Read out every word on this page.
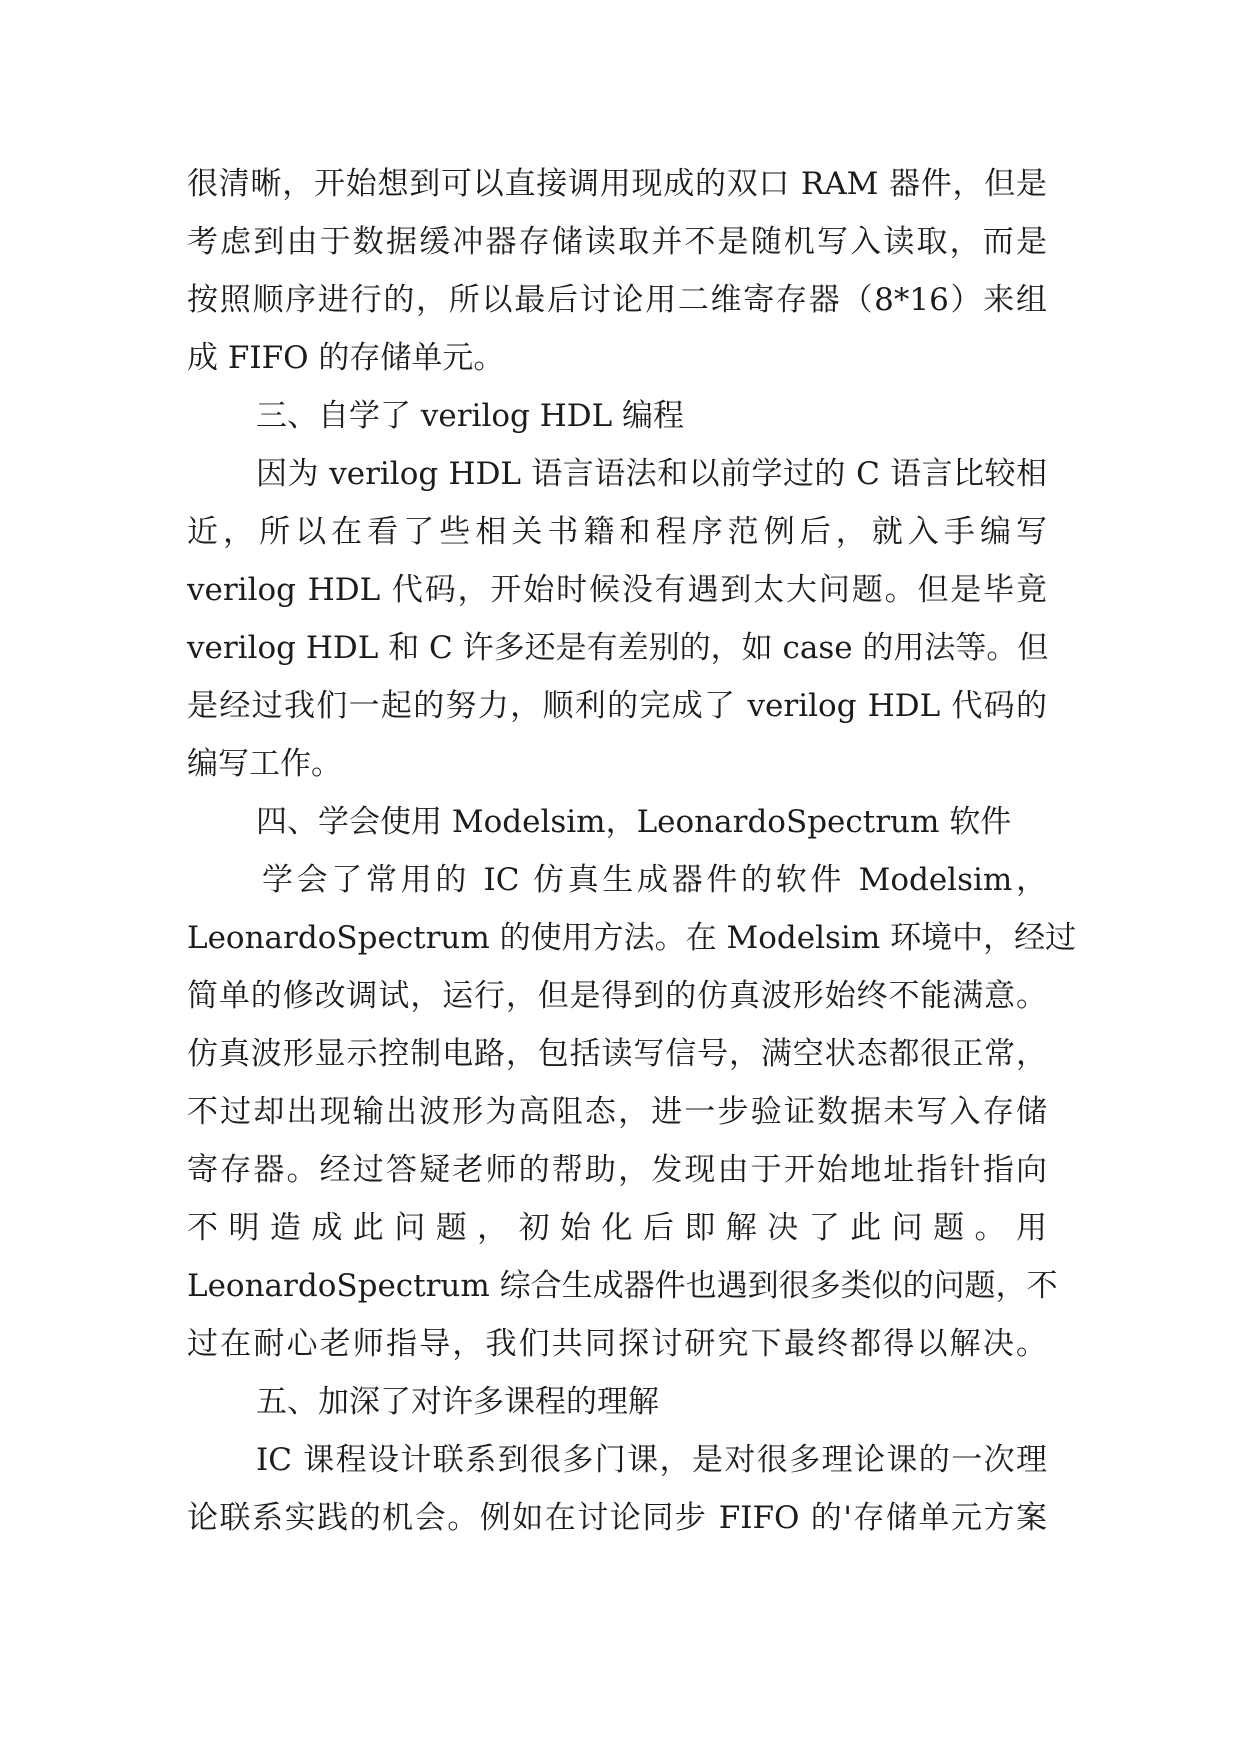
很清晰，开始想到可以直接调用现成的双口 RAM 器件，但是
考虑到由于数据缓冲器存储读取并不是随机写入读取，而是
按照顺序进行的，所以最后讨论用二维寄存器（8*16）来组
成 FIFO 的存储单元。
三、自学了 verilog HDL 编程
因为 verilog HDL 语言语法和以前学过的 C 语言比较相
近，所以在看了些相关书籍和程序范例后，就入手编写
verilog HDL 代码，开始时候没有遇到太大问题。但是毕竟
verilog HDL 和 C 许多还是有差别的，如 case 的用法等。但
是经过我们一起的努力，顺利的完成了 verilog HDL 代码的
编写工作。
四、学会使用 Modelsim，LeonardoSpectrum 软件
学会了常用的 IC 仿真生成器件的软件 Modelsim，
LeonardoSpectrum 的使用方法。在 Modelsim 环境中，经过
简单的修改调试，运行，但是得到的仿真波形始终不能满意。
仿真波形显示控制电路，包括读写信号，满空状态都很正常，
不过却出现输出波形为高阻态，进一步验证数据未写入存储
寄存器。经过答疑老师的帮助，发现由于开始地址指针指向
不明造成此问题，初始化后即解决了此问题。用
LeonardoSpectrum 综合生成器件也遇到很多类似的问题，不
过在耐心老师指导，我们共同探讨研究下最终都得以解决。
五、加深了对许多课程的理解
IC 课程设计联系到很多门课，是对很多理论课的一次理
论联系实践的机会。例如在讨论同步 FIFO 的'存储单元方案
